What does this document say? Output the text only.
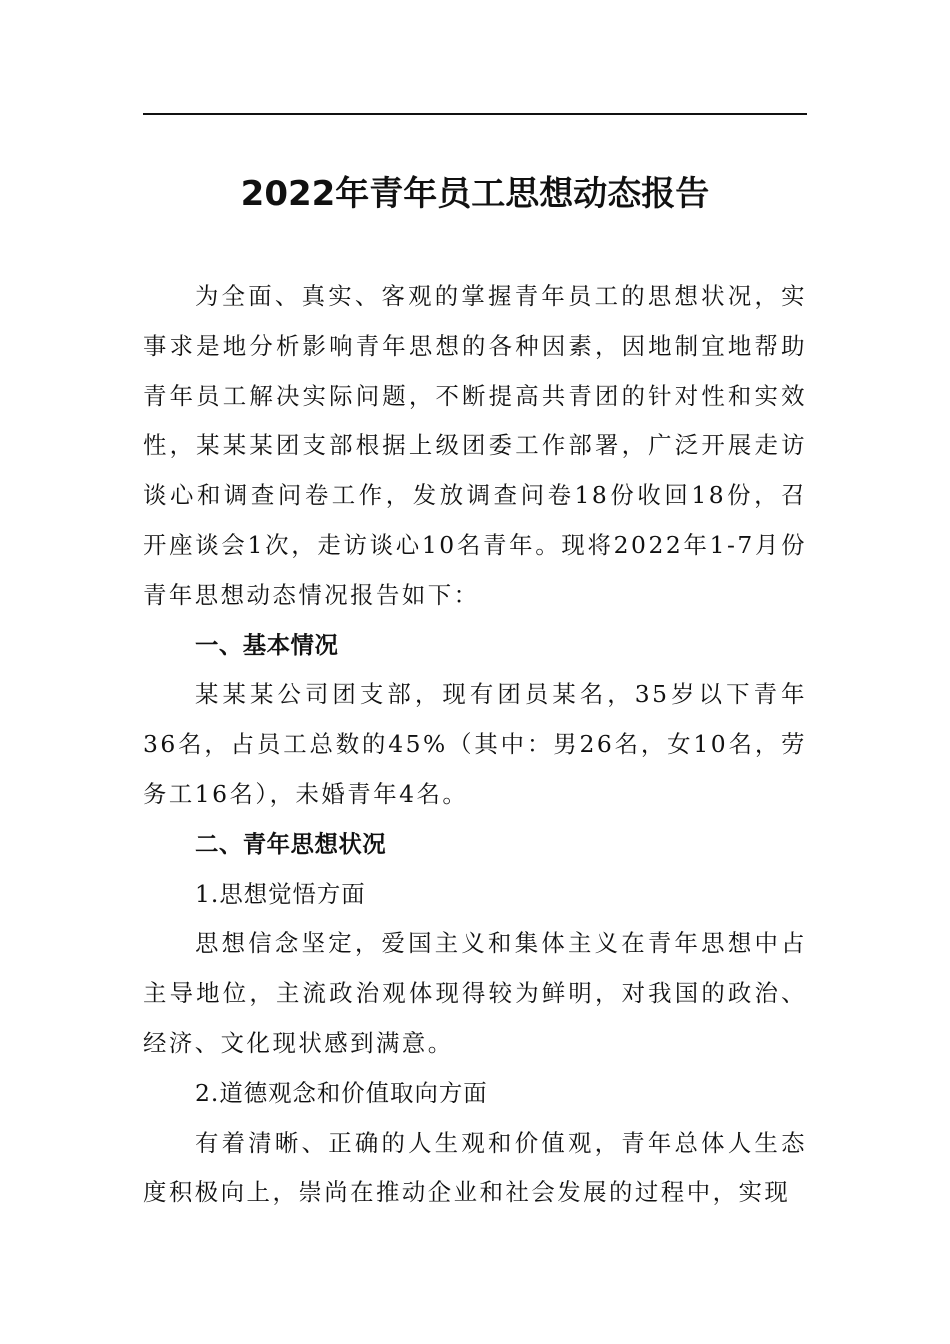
2022年青年员工思想动态报告

为全面、真实、客观的掌握青年员工的思想状况，实事求是地分析影响青年思想的各种因素，因地制宜地帮助青年员工解决实际问题，不断提高共青团的针对性和实效性，某某某团支部根据上级团委工作部署，广泛开展走访谈心和调查问卷工作，发放调查问卷18份收回18份，召开座谈会1次，走访谈心10名青年。现将2022年1-7月份青年思想动态情况报告如下：

一、基本情况

某某某公司团支部，现有团员某名，35岁以下青年36名，占员工总数的45%（其中：男26名，女10名，劳务工16名），未婚青年4名。

二、青年思想状况

1.思想觉悟方面

思想信念坚定，爱国主义和集体主义在青年思想中占主导地位，主流政治观体现得较为鲜明，对我国的政治、经济、文化现状感到满意。

2.道德观念和价值取向方面

有着清晰、正确的人生观和价值观，青年总体人生态度积极向上，崇尚在推动企业和社会发展的过程中，实现
